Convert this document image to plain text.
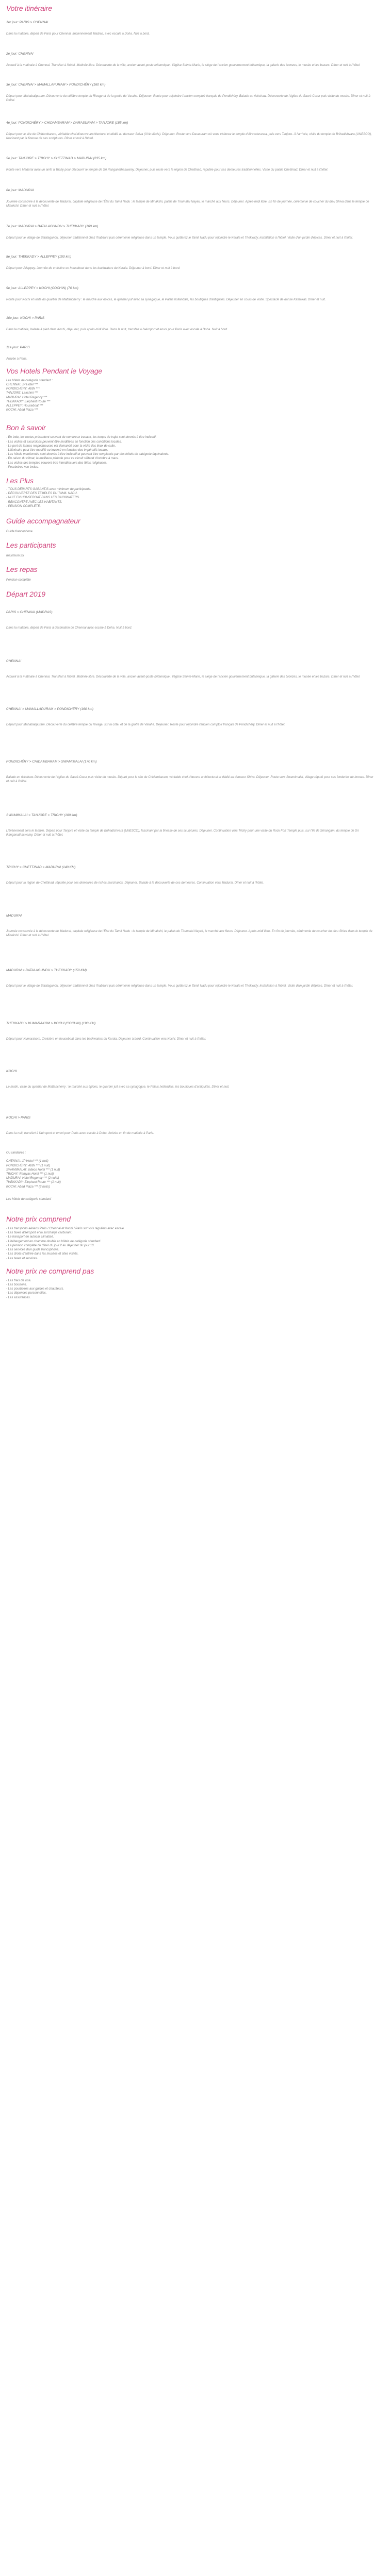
Votre itinéraire

1er jour: PARIS > CHENNAI

Dans la matinée, départ de Paris pour Chennai, anciennement Madras, avec escale à Doha. Nuit à bord.

2e jour: CHENNAI

Accueil à la matinale à Chennai. Transfert à l'hôtel. Matinée libre. Découverte de la ville, ancien avant-poste britannique : l'église Sainte-Marie, le siège de l'ancien gouvernement britannique, la galerie des bronzes, le musée et les bazars. Dîner et nuit à l'hôtel.

3e jour: CHENNAI > MAMALLAPURAM > PONDICHÉRY (160 km)

Départ pour Mahabalipuram. Découverte du célèbre temple du Rivage et de la grotte de Varaha. Déjeuner. Route pour rejoindre l'ancien comptoir français de Pondichéry. Balade en rickshaw. Découverte de l'église du Sacré-Cœur puis visite du musée. Dîner et nuit à l'hôtel.

4e jour: PONDICHÉRY > CHIDAMBARAM > DARASURAM > TANJORE (185 km)

Départ pour le site de Chidambaram, véritable chef-d'œuvre architectural et dédié au danseur Shiva (XVe siècle). Déjeuner. Route vers Darasuram où vous visiterez le temple d'Airavatesvara, puis vers Tanjore. À l'arrivée, visite du temple de Brihadishvara (UNESCO), fascinant par la finesse de ses sculptures. Dîner et nuit à l'hôtel.

5e jour: TANJORE > TRICHY > CHETTINAD > MADURAI (235 km)

Route vers Madurai avec un arrêt à Trichy pour découvrir le temple de Sri Ranganathaswamy. Déjeuner, puis route vers la région de Chettinad, réputée pour ses demeures traditionnelles. Visite du palais Chettinad. Dîner et nuit à l'hôtel.

6e jour: MADURAI

Journée consacrée à la découverte de Madurai, capitale religieuse de l'État du Tamil Nadu : le temple de Minakshi, palais de Tirumalai Nayak, le marché aux fleurs. Déjeuner. Après-midi libre. En fin de journée, cérémonie de coucher du dieu Shiva dans le temple de Minakshi. Dîner et nuit à l'hôtel.

7e jour: MADURAI > BATALAGUNDU > THEKKADY (160 km)

Départ pour le village de Batalagundu, déjeuner traditionnel chez l'habitant puis cérémonie religieuse dans un temple. Vous quitterez le Tamil Nadu pour rejoindre le Kerala et Thekkady, installation à l'hôtel. Visite d'un jardin d'épices. Dîner et nuit à l'hôtel.

8e jour: THEKKADY > ALLEPPEY (150 km)

Départ pour Alleppey. Journée de croisière en houseboat dans les backwaters du Kerala. Déjeuner à bord. Dîner et nuit à bord.

9e jour: ALLEPPEY > KOCHI (COCHIN) (70 km)

Route pour Kochi et visite du quartier de Mattancherry : le marché aux épices, le quartier juif avec sa synagogue, le Palais hollandais, les boutiques d'antiquités. Déjeuner en cours de visite. Spectacle de danse Kathakali. Dîner et nuit.

10e jour: KOCHI > PARIS

Dans la matinée, balade à pied dans Kochi, déjeuner, puis après-midi libre. Dans la nuit, transfert à l'aéroport et envol pour Paris avec escale à Doha. Nuit à bord.

11e jour: PARIS

Arrivée à Paris.

Vos Hotels Pendant le Voyage

Les hôtels de catégorie standard :

CHENNAI: JP Hotel ***

PONDICHÉRY: Atithi ***

TANJORE: Lakshmi ***

MADURAI: Hotel Regency ***

THEKKADY: Elephant Route ***

ALLEPPEY: Houseboat ***

KOCHI: Abad Plaza ***

Bon à savoir

- En Inde, les routes présentent souvent de nombreux travaux, les temps de trajet sont donnés à titre indicatif.

- Les visites et excursions peuvent être modifiées en fonction des conditions locales.

- Le port de tenues respectueuses est demandé pour la visite des lieux de culte.

- L'itinéraire peut être modifié ou inversé en fonction des impératifs locaux.

- Les hôtels mentionnés sont donnés à titre indicatif et peuvent être remplacés par des hôtels de catégorie équivalente.

- En raison du climat, la meilleure période pour ce circuit s'étend d'octobre à mars.

- Les visites des temples peuvent être interdites lors des fêtes religieuses.

- Pourboires non inclus.

Les Plus

- TOUS DÉPARTS GARANTIS avec minimum de participants.

- DÉCOUVERTE DES TEMPLES DU TAMIL NADU.

- NUIT EN HOUSEBOAT DANS LES BACKWATERS.

- RENCONTRE AVEC LES HABITANTS.

- PENSION COMPLÈTE.

Guide accompagnateur

Guide francophone

Les participants

maximum 25

Les repas

Pension complète

Départ 2019

PARIS > CHENNAI (MADRAS)

Dans la matinée, départ de Paris à destination de Chennai avec escale à Doha. Nuit à bord.

CHENNAI

Accueil à la matinale à Chennai. Transfert à l'hôtel. Matinée libre. Découverte de la ville, ancien avant-poste britannique : l'église Sainte-Marie, le siège de l'ancien gouvernement britannique, la galerie des bronzes, le musée et les bazars. Dîner et nuit à l'hôtel.

CHENNAI > MAMALLAPURAM > PONDICHÉRY (160 km)

Départ pour Mahabalipuram. Découverte du célèbre temple du Rivage, sur la côte, et de la grotte de Varaha. Déjeuner. Route pour rejoindre l'ancien comptoir français de Pondichéry. Dîner et nuit à l'hôtel.

PONDICHÉRY > CHIDAMBARAM > SWAMIMALAI (170 km)

Balade en rickshaw. Découverte de l'église du Sacré-Cœur puis visite du musée. Départ pour le site de Chidambaram, véritable chef-d'œuvre architectural et dédié au danseur Shiva. Déjeuner. Route vers Swamimalai, village réputé pour ses fonderies de bronze. Dîner et nuit à l'hôtel.

SWAMIMALAI > TANJORE > TRICHY (100 km)

L'évènement sera le temple. Départ pour Tanjore et visite du temple de Brihadishvara (UNESCO), fascinant par la finesse de ses sculptures. Déjeuner. Continuation vers Trichy pour une visite du Rock Fort Temple puis, sur l'île de Srirangam, du temple de Sri Ranganathaswamy. Dîner et nuit à l'hôtel.

TRICHY > CHETTINAD > MADURAI (140 KM)

Départ pour la région de Chettinad, réputée pour ses demeures de riches marchands. Déjeuner. Balade à la découverte de ces demeures. Continuation vers Madurai. Dîner et nuit à l'hôtel.

MADURAI

Journée consacrée à la découverte de Madurai, capitale religieuse de l'État du Tamil Nadu : le temple de Minakshi, le palais de Tirumalai Nayak, le marché aux fleurs. Déjeuner. Après-midi libre. En fin de journée, cérémonie de coucher du dieu Shiva dans le temple de Minakshi. Dîner et nuit à l'hôtel.

MADURAI > BATALAGUNDU > THEKKADY (150 KM)

Départ pour le village de Batalagundu, déjeuner traditionnel chez l'habitant puis cérémonie religieuse dans un temple. Vous quitterez le Tamil Nadu pour rejoindre le Kerala et Thekkady. Installation à l'hôtel. Visite d'un jardin d'épices. Dîner et nuit à l'hôtel.

THEKKADY > KUMARAKOM > KOCHI (COCHIN) (190 KM)

Départ pour Kumarakom. Croisière en houseboat dans les backwaters du Kerala. Déjeuner à bord. Continuation vers Kochi. Dîner et nuit à l'hôtel.

KOCHI

Le matin, visite du quartier de Mattancherry : le marché aux épices, le quartier juif avec sa synagogue, le Palais hollandais, les boutiques d'antiquités. Dîner et nuit.

KOCHI > PARIS

Dans la nuit, transfert à l'aéroport et envol pour Paris avec escale à Doha. Arrivée en fin de matinée à Paris.

Ou similaires :

CHENNAI: JP Hotel *** (1 nuit)

PONDICHÉRY: Atithi *** (1 nuit)

SWAMIMALAI: Indeco Hotel *** (1 nuit)

TRICHY: Ramyas Hotel *** (1 nuit)

MADURAI: Hotel Regency *** (2 nuits)

THEKKADY: Elephant Route *** (1 nuit)

KOCHI: Abad Plaza *** (2 nuits)

Les hôtels de catégorie standard

Notre prix comprend

- Les transports aériens Paris / Chennai et Kochi / Paris sur vols réguliers avec escale.

- Les taxes d'aéroport et la surcharge carburant.

- Le transport en autocar climatisé.

- L'hébergement en chambre double en hôtels de catégorie standard.

- La pension complète du dîner du jour 2 au déjeuner du jour 10.

- Les services d'un guide francophone.

- Les droits d'entrée dans les musées et sites visités.

- Les taxes et services.

Notre prix ne comprend pas

- Les frais de visa.

- Les boissons.

- Les pourboires aux guides et chauffeurs.

- Les dépenses personnelles.

- Les assurances.
